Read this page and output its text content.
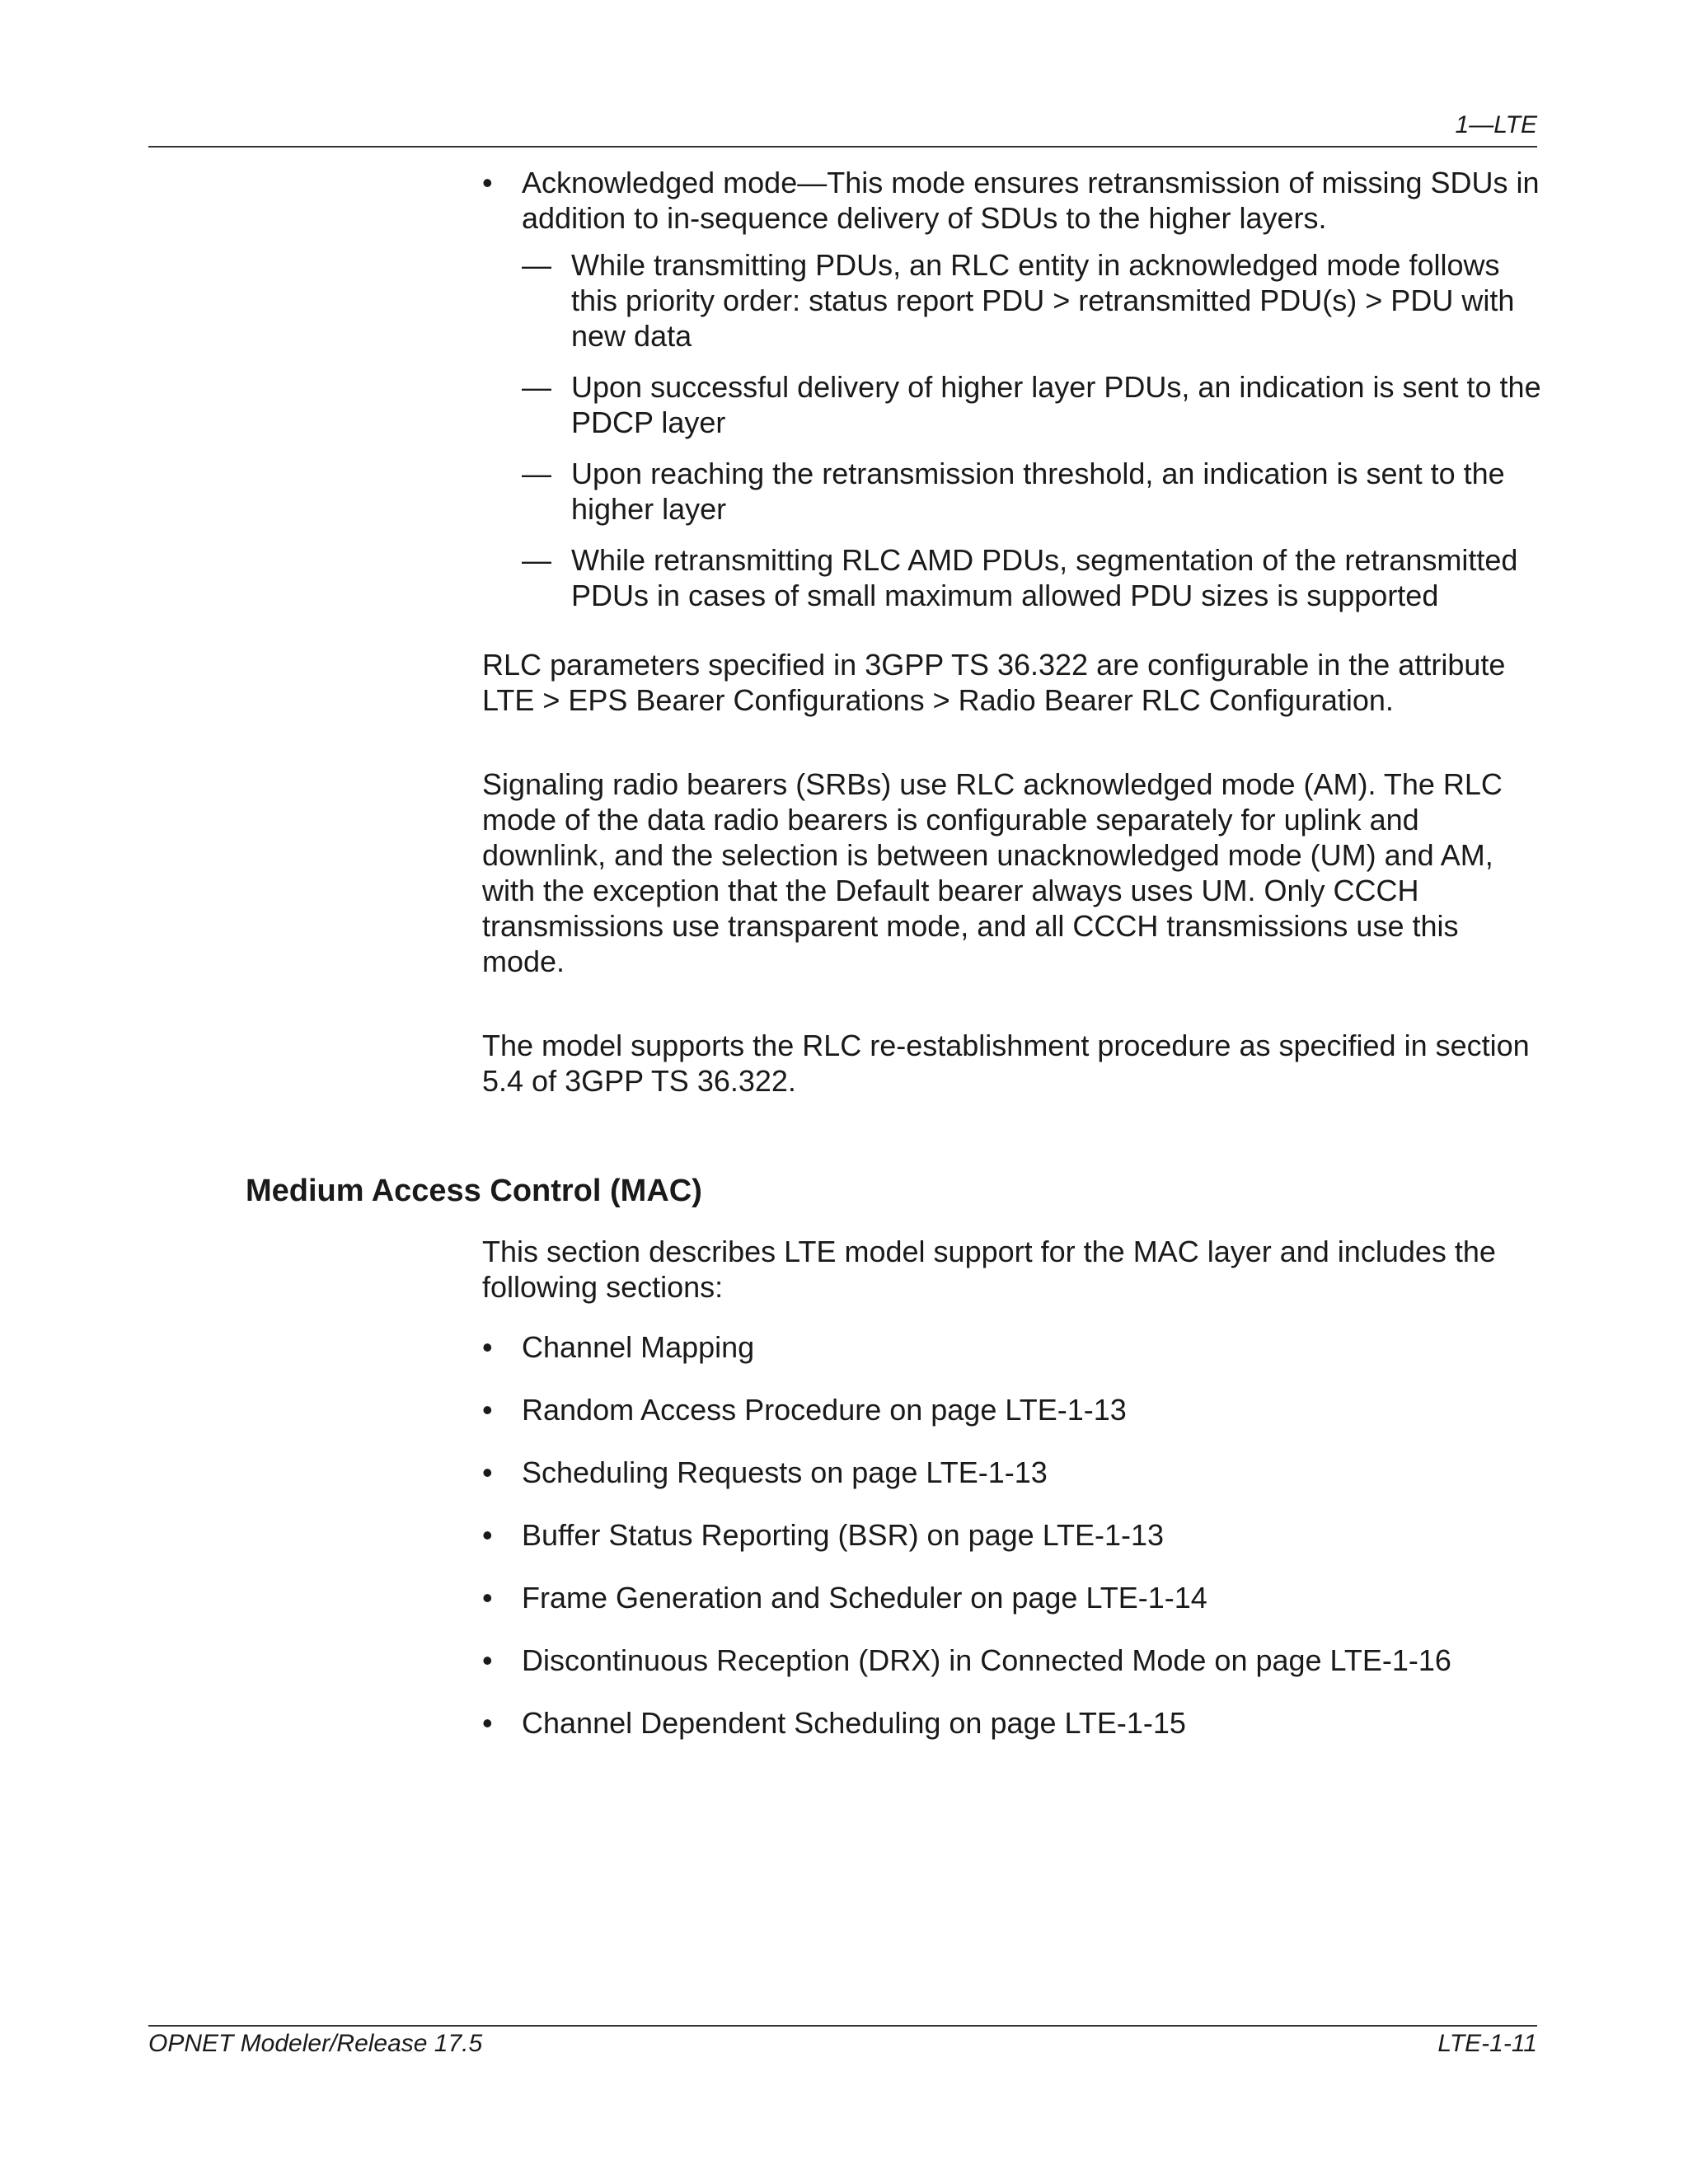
1—LTE
• Acknowledged mode—This mode ensures retransmission of missing SDUs in addition to in-sequence delivery of SDUs to the higher layers.
— While transmitting PDUs, an RLC entity in acknowledged mode follows this priority order: status report PDU > retransmitted PDU(s) > PDU with new data
— Upon successful delivery of higher layer PDUs, an indication is sent to the PDCP layer
— Upon reaching the retransmission threshold, an indication is sent to the higher layer
— While retransmitting RLC AMD PDUs, segmentation of the retransmitted PDUs in cases of small maximum allowed PDU sizes is supported

RLC parameters specified in 3GPP TS 36.322 are configurable in the attribute LTE > EPS Bearer Configurations > Radio Bearer RLC Configuration.

Signaling radio bearers (SRBs) use RLC acknowledged mode (AM). The RLC mode of the data radio bearers is configurable separately for uplink and downlink, and the selection is between unacknowledged mode (UM) and AM, with the exception that the Default bearer always uses UM. Only CCCH transmissions use transparent mode, and all CCCH transmissions use this mode.

The model supports the RLC re-establishment procedure as specified in section 5.4 of 3GPP TS 36.322.

Medium Access Control (MAC)

This section describes LTE model support for the MAC layer and includes the following sections:

• Channel Mapping
• Random Access Procedure on page LTE-1-13
• Scheduling Requests on page LTE-1-13
• Buffer Status Reporting (BSR) on page LTE-1-13
• Frame Generation and Scheduler on page LTE-1-14
• Discontinuous Reception (DRX) in Connected Mode on page LTE-1-16
• Channel Dependent Scheduling on page LTE-1-15
OPNET Modeler/Release 17.5	LTE-1-11
